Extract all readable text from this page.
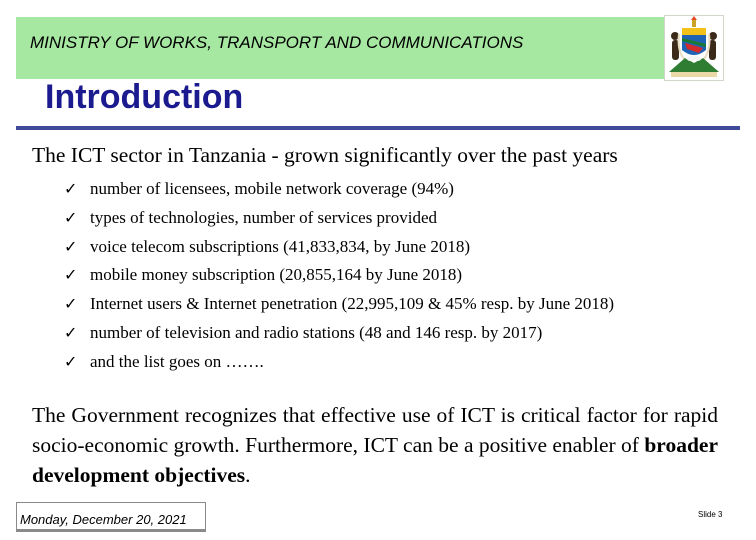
MINISTRY OF WORKS, TRANSPORT AND COMMUNICATIONS
Introduction
The ICT sector in Tanzania - grown significantly over the past years
✓ number of licensees, mobile network coverage (94%)
✓ types of technologies, number of services provided
✓ voice telecom subscriptions (41,833,834, by June 2018)
✓ mobile money subscription (20,855,164 by June 2018)
✓ Internet users & Internet penetration (22,995,109 & 45% resp. by June 2018)
✓ number of television and radio stations (48 and 146 resp. by 2017)
✓ and the list goes on …….

The Government recognizes that effective use of ICT is critical factor for rapid socio-economic growth. Furthermore, ICT can be a positive enabler of broader development objectives.

Monday, December 20, 2021	Slide 3
